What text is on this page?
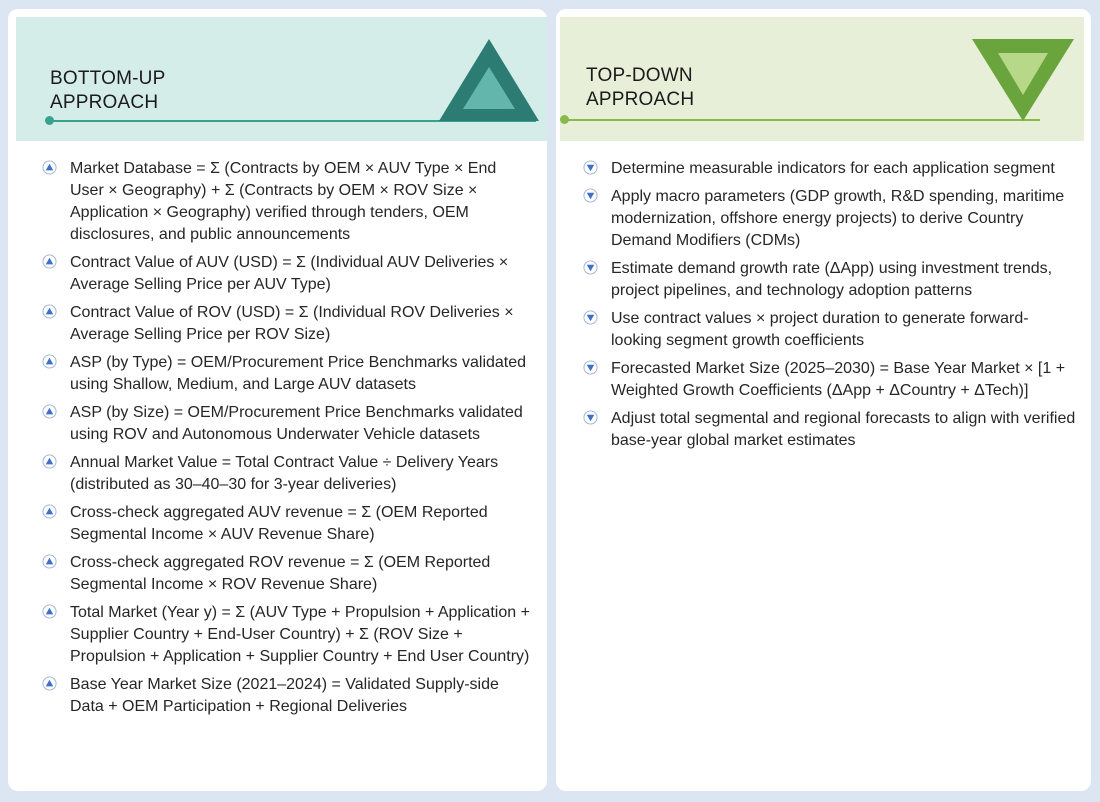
BOTTOM-UP
APPROACH
Market Database = Σ (Contracts by OEM × AUV Type × End User × Geography) + Σ (Contracts by OEM × ROV Size × Application × Geography) verified through tenders, OEM disclosures, and public announcements
Contract Value of AUV (USD) = Σ (Individual AUV Deliveries × Average Selling Price per AUV Type)
Contract Value of ROV (USD) = Σ (Individual ROV Deliveries × Average Selling Price per ROV Size)
ASP (by Type) = OEM/Procurement Price Benchmarks validated using Shallow, Medium, and Large AUV datasets
ASP (by Size) = OEM/Procurement Price Benchmarks validated using ROV and Autonomous Underwater Vehicle datasets
Annual Market Value = Total Contract Value ÷ Delivery Years
(distributed as 30–40–30 for 3-year deliveries)
Cross-check aggregated AUV revenue = Σ (OEM Reported Segmental Income × AUV Revenue Share)
Cross-check aggregated ROV revenue = Σ (OEM Reported Segmental Income × ROV Revenue Share)
Total Market (Year y) = Σ (AUV Type + Propulsion + Application + Supplier Country + End-User Country) + Σ (ROV Size + Propulsion + Application + Supplier Country + End User Country)
Base Year Market Size (2021–2024) = Validated Supply-side Data + OEM Participation + Regional Deliveries
TOP-DOWN
APPROACH
Determine measurable indicators for each application segment
Apply macro parameters (GDP growth, R&D spending, maritime modernization, offshore energy projects) to derive Country Demand Modifiers (CDMs)
Estimate demand growth rate (ΔApp) using investment trends, project pipelines, and technology adoption patterns
Use contract values × project duration to generate forward-looking segment growth coefficients
Forecasted Market Size (2025–2030) = Base Year Market × [1 + Weighted Growth Coefficients (ΔApp + ΔCountry + ΔTech)]
Adjust total segmental and regional forecasts to align with verified base-year global market estimates
